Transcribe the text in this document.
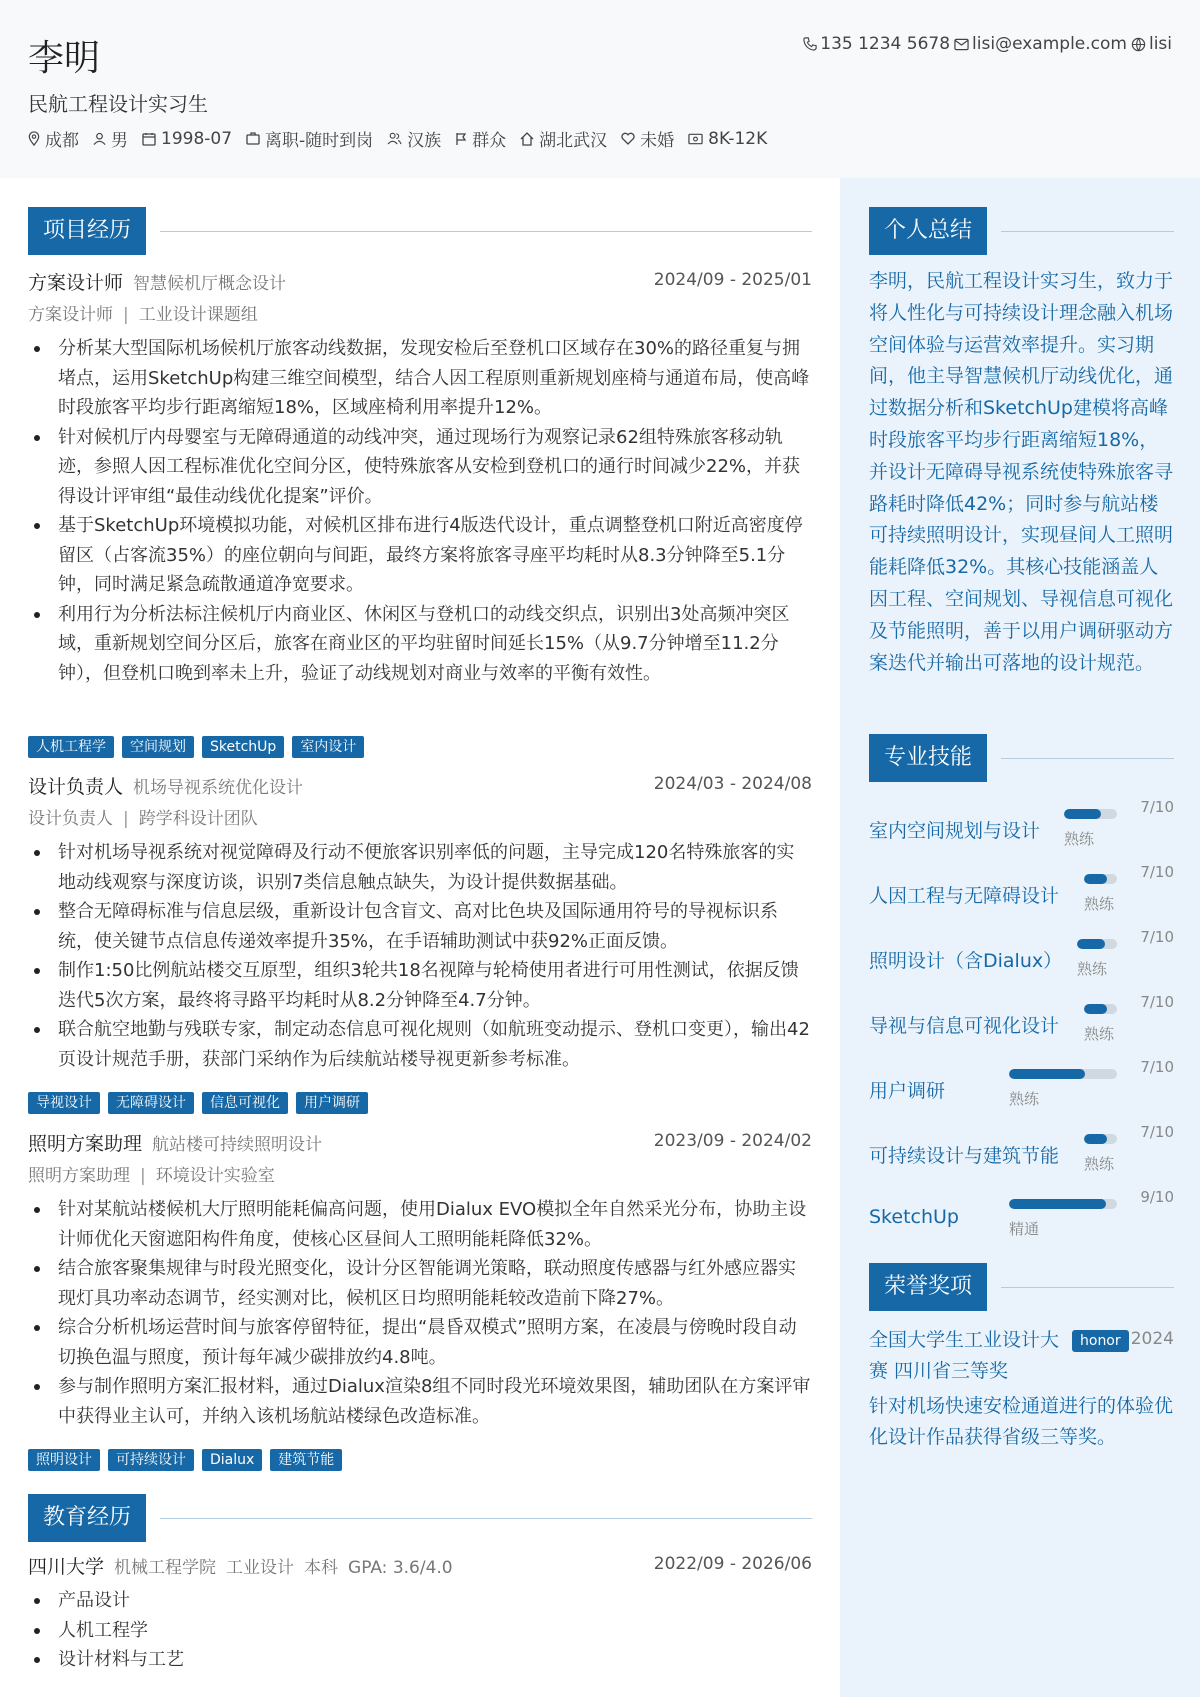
李明
民航工程设计实习生
135 1234 5678 lisi@example.com lisi
成都 男 1998-07 离职-随时到岗 汉族 群众 湖北武汉 未婚 8K-12K
项目经历
方案设计师 智慧候机厅概念设计	2024/09 - 2025/01
方案设计师 | 工业设计课题组
分析某大型国际机场候机厅旅客动线数据，发现安检后至登机口区域存在30%的路径重复与拥堵点，运用SketchUp构建三维空间模型，结合人因工程原则重新规划座椅与通道布局，使高峰时段旅客平均步行距离缩短18%，区域座椅利用率提升12%。
针对候机厅内母婴室与无障碍通道的动线冲突，通过现场行为观察记录62组特殊旅客移动轨迹，参照人因工程标准优化空间分区，使特殊旅客从安检到登机口的通行时间减少22%，并获得设计评审组“最佳动线优化提案”评价。
基于SketchUp环境模拟功能，对候机区排布进行4版迭代设计，重点调整登机口附近高密度停留区（占客流35%）的座位朝向与间距，最终方案将旅客寻座平均耗时从8.3分钟降至5.1分钟，同时满足紧急疏散通道净宽要求。
利用行为分析法标注候机厅内商业区、休闲区与登机口的动线交织点，识别出3处高频冲突区域，重新规划空间分区后，旅客在商业区的平均驻留时间延长15%（从9.7分钟增至11.2分钟），但登机口晚到率未上升，验证了动线规划对商业与效率的平衡有效性。
人机工程学	空间规划	SketchUp	室内设计
设计负责人 机场导视系统优化设计	2024/03 - 2024/08
设计负责人 | 跨学科设计团队
针对机场导视系统对视觉障碍及行动不便旅客识别率低的问题，主导完成120名特殊旅客的实地动线观察与深度访谈，识别7类信息触点缺失，为设计提供数据基础。
整合无障碍标准与信息层级，重新设计包含盲文、高对比色块及国际通用符号的导视标识系统，使关键节点信息传递效率提升35%，在手语辅助测试中获92%正面反馈。
制作1:50比例航站楼交互原型，组织3轮共18名视障与轮椅使用者进行可用性测试，依据反馈迭代5次方案，最终将寻路平均耗时从8.2分钟降至4.7分钟。
联合航空地勤与残联专家，制定动态信息可视化规则（如航班变动提示、登机口变更），输出42页设计规范手册，获部门采纳作为后续航站楼导视更新参考标准。
导视设计	无障碍设计	信息可视化	用户调研
照明方案助理 航站楼可持续照明设计	2023/09 - 2024/02
照明方案助理 | 环境设计实验室
针对某航站楼候机大厅照明能耗偏高问题，使用Dialux EVO模拟全年自然采光分布，协助主设计师优化天窗遮阳构件角度，使核心区昼间人工照明能耗降低32%。
结合旅客聚集规律与时段光照变化，设计分区智能调光策略，联动照度传感器与红外感应器实现灯具功率动态调节，经实测对比，候机区日均照明能耗较改造前下降27%。
综合分析机场运营时间与旅客停留特征，提出“晨昏双模式”照明方案，在凌晨与傍晚时段自动切换色温与照度，预计每年减少碳排放约4.8吨。
参与制作照明方案汇报材料，通过Dialux渲染8组不同时段光环境效果图，辅助团队在方案评审中获得业主认可，并纳入该机场航站楼绿色改造标准。
照明设计	可持续设计	Dialux	建筑节能
教育经历
四川大学 机械工程学院 工业设计 本科 GPA: 3.6/4.0	2022/09 - 2026/06
产品设计
人机工程学
设计材料与工艺
个人总结
李明，民航工程设计实习生，致力于将人性化与可持续设计理念融入机场空间体验与运营效率提升。实习期间，他主导智慧候机厅动线优化，通过数据分析和SketchUp建模将高峰时段旅客平均步行距离缩短18%，并设计无障碍导视系统使特殊旅客寻路耗时降低42%；同时参与航站楼可持续照明设计，实现昼间人工照明能耗降低32%。其核心技能涵盖人因工程、空间规划、导视信息可视化及节能照明，善于以用户调研驱动方案迭代并输出可落地的设计规范。
专业技能
室内空间规划与设计 熟练
7/10
人因工程与无障碍设计 熟练
7/10
照明设计（含Dialux） 熟练
7/10
导视与信息可视化设计 熟练
7/10
用户调研	熟练
7/10
可持续设计与建筑节能 熟练
7/10
SketchUp
精通
9/10
荣誉奖项
全国大学生工业设计大赛 四川省三等奖
honor 2024
针对机场快速安检通道进行的体验优化设计作品获得省级三等奖。
